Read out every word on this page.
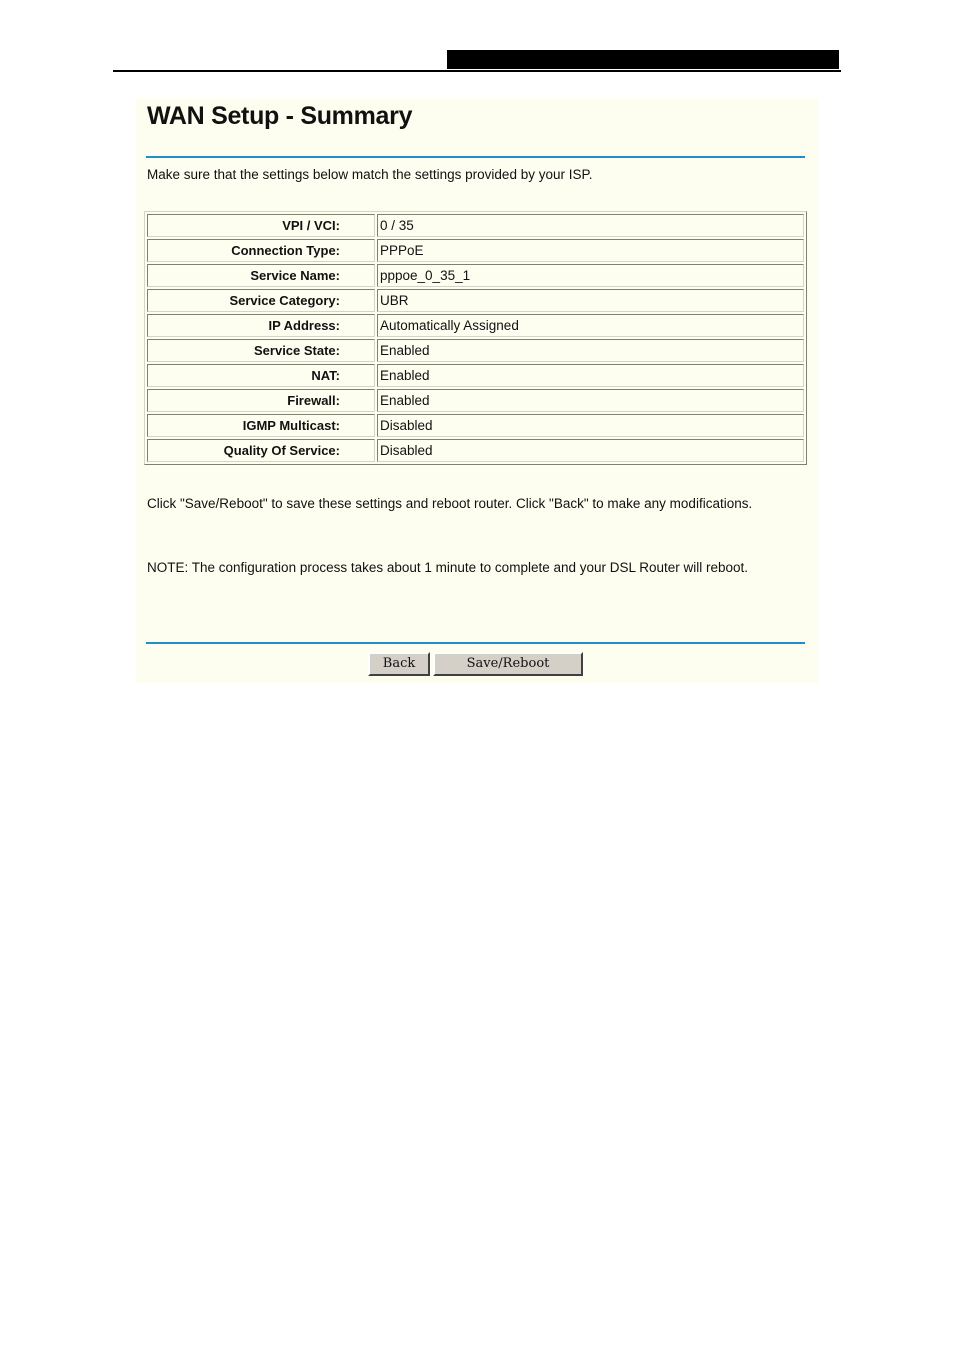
WAN Setup - Summary
Make sure that the settings below match the settings provided by your ISP.
VPI / VCI:	0 / 35
Connection Type:	PPPoE
Service Name:	pppoe_0_35_1
Service Category:	UBR
IP Address:	Automatically Assigned
Service State:	Enabled
NAT:	Enabled
Firewall:	Enabled
IGMP Multicast:	Disabled
Quality Of Service:	Disabled
Click "Save/Reboot" to save these settings and reboot router. Click "Back" to make any modifications.
NOTE: The configuration process takes about 1 minute to complete and your DSL Router will reboot.
Back	Save/Reboot
